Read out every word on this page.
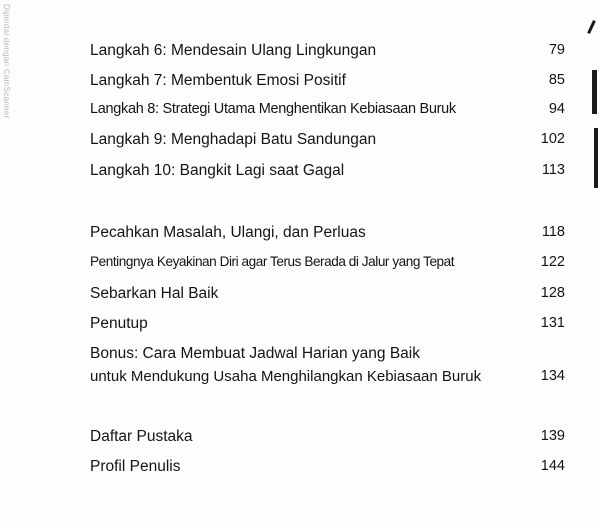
Dipindai dengan CamScanner	Langkah 6: Mendesain Ulang Lingkungan	79
Langkah 7: Membentuk Emosi Positif	85
Langkah 8: Strategi Utama Menghentikan Kebiasaan Buruk	94
Langkah 9: Menghadapi Batu Sandungan	102
Langkah 10: Bangkit Lagi saat Gagal	113
Pecahkan Masalah, Ulangi, dan Perluas	118
Pentingnya Keyakinan Diri agar Terus Berada di Jalur yang Tepat	122
Sebarkan Hal Baik	128
Penutup	131
Bonus: Cara Membuat Jadwal Harian yang Baik
untuk Mendukung Usaha Menghilangkan Kebiasaan Buruk	134
Daftar Pustaka	139
Profil Penulis	144
